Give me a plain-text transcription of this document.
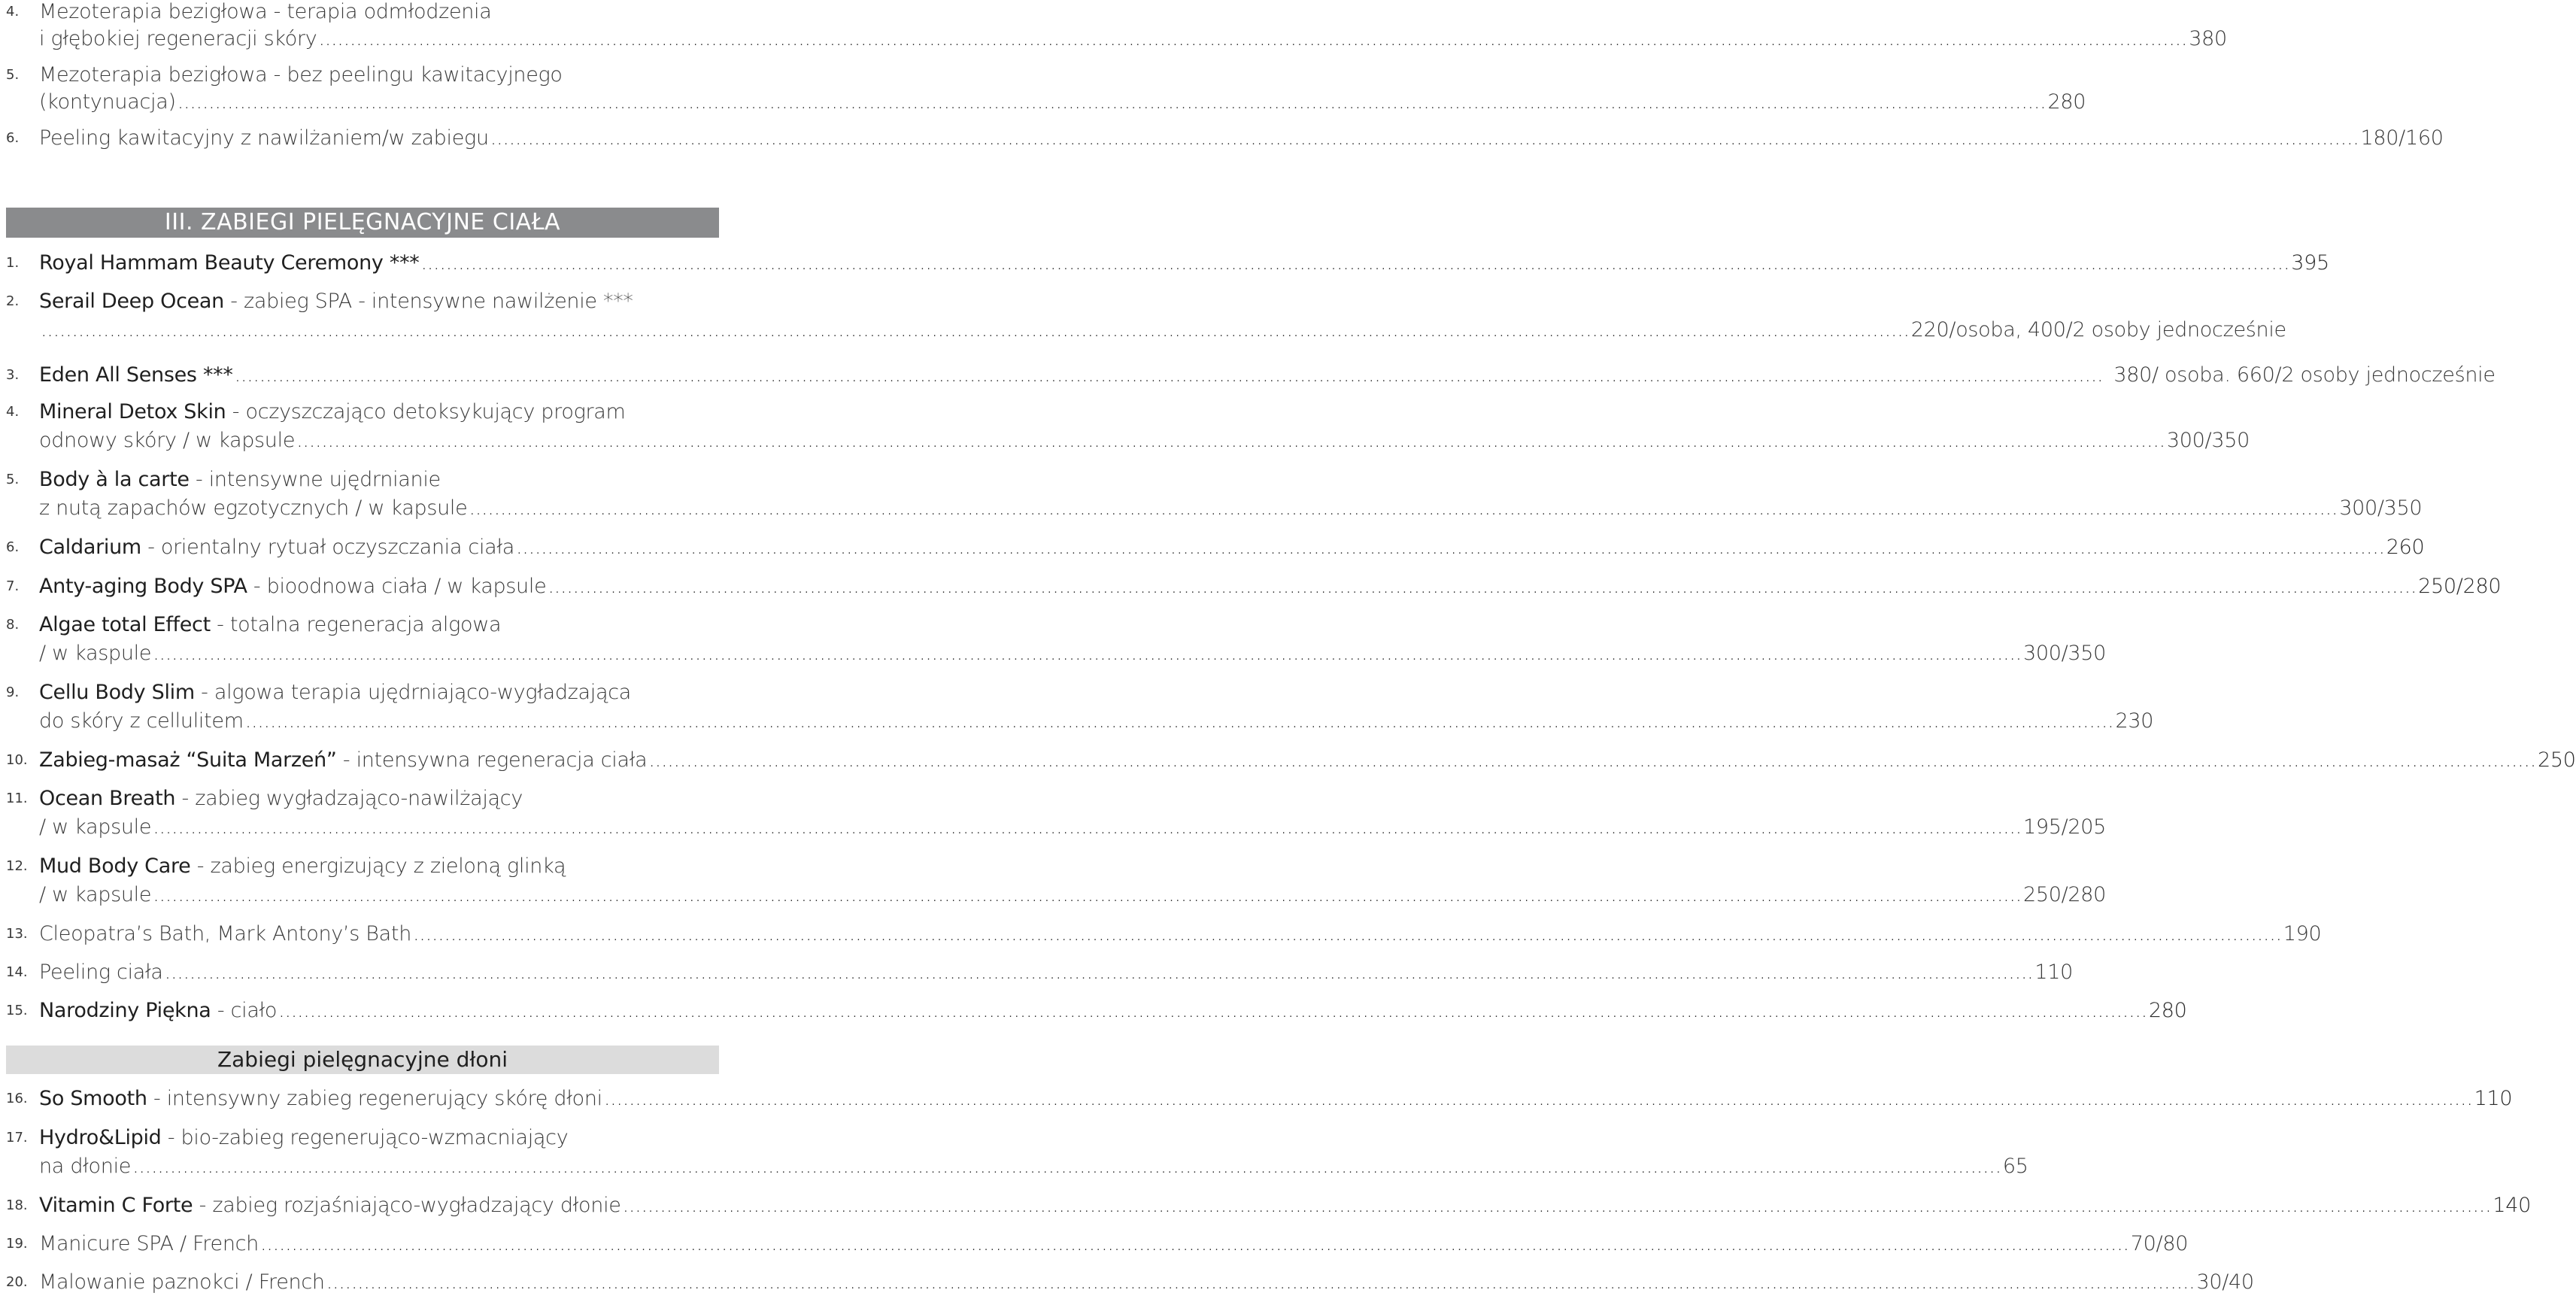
4. Mezoterapia bezigłowa - terapia odmłodzenia
i głębokiej regeneracji skóry .....	380
5. Mezoterapia bezigłowa - bez peelingu kawitacyjnego
(kontynuacja) .....	280
6. Peeling kawitacyjny z nawilżaniem/w zabiegu .....	180/160
III. ZABIEGI PIELĘGNACYJNE CIAŁA
1. Royal Hammam Beauty Ceremony *** .....	395
2. Serail Deep Ocean - zabieg SPA - intensywne nawilżenie ***
.....
220/osoba, 400/2 osoby jednocześnie
3. Eden All Senses *** .....	380/ osoba. 660/2 osoby jednocześnie
4. Mineral Detox Skin - oczyszczająco detoksykujący program
odnowy skóry / w kapsule .....	300/350
5. Body à la carte - intensywne ujędrnianie
z nutą zapachów egzotycznych / w kapsule .....	300/350
6. Caldarium - orientalny rytuał oczyszczania ciała .....	260
7. Anty-aging Body SPA - bioodnowa ciała / w kapsule .....	250/280
8. Algae total Effect - totalna regeneracja algowa
/ w kaspule .....	300/350
9. Cellu Body Slim - algowa terapia ujędrniająco-wygładzająca
do skóry z cellulitem .....	230
10. Zabieg-masaż “Suita Marzeń” - intensywna regeneracja ciała	..... ... 250
11. Ocean Breath - zabieg wygładzająco-nawilżający
/ w kapsule .....	195/205
12. Mud Body Care - zabieg energizujący z zieloną glinką
/ w kapsule .....	250/280
13. Cleopatra’s Bath, Mark Antony’s Bath .....	190
14. Peeling ciała .....	110
15. Narodziny Piękna - ciało .....	280
Zabiegi pielęgnacyjne dłoni
16. So Smooth - intensywny zabieg regenerujący skórę dłoni .....	110
17. Hydro&Lipid - bio-zabieg regenerująco-wzmacniający
na dłonie .....	65
18. Vitamin C Forte - zabieg rozjaśniająco-wygładzający dłonie .....	140
19. Manicure SPA / French .....	70/80
20. Malowanie paznokci / French .....	30/40
